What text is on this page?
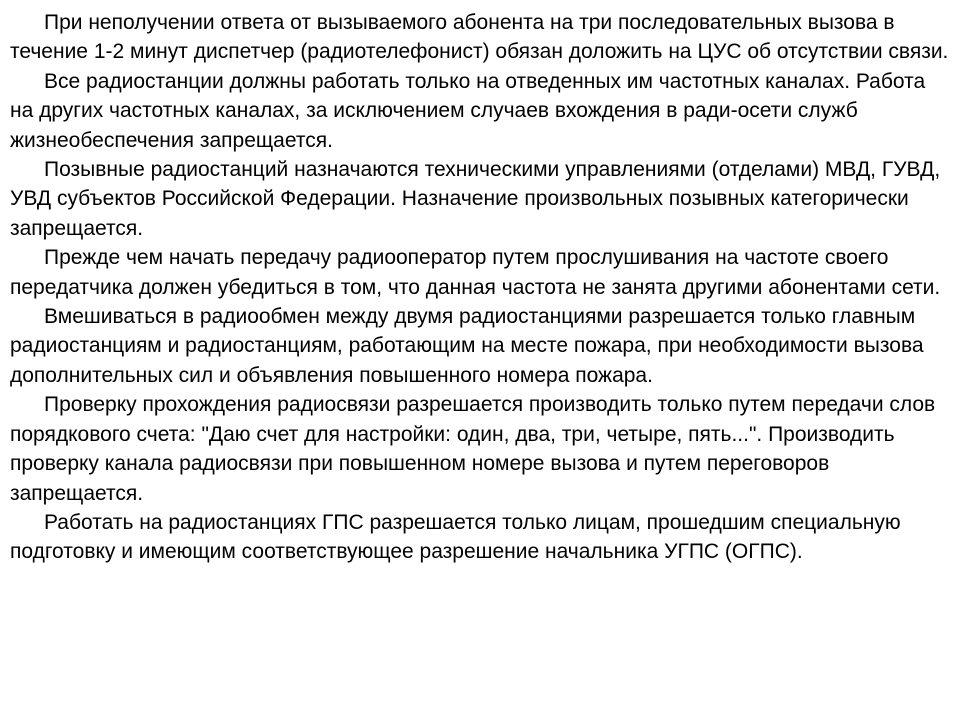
При неполучении ответа от вызываемого абонента на три последовательных вызова в течение 1-2 минут диспетчер (радиотелефонист) обязан доложить на ЦУС об отсутствии связи.

Все радиостанции должны работать только на отведенных им частотных каналах. Работа на других частотных каналах, за исключением случаев вхождения в ради-осети служб жизнеобеспечения запрещается.

Позывные радиостанций назначаются техническими управлениями (отделами) МВД, ГУВД, УВД субъектов Российской Федерации. Назначение произвольных позывных категорически запрещается.

Прежде чем начать передачу радиооператор путем прослушивания на частоте своего передатчика должен убедиться в том, что данная частота не занята другими абонентами сети.

Вмешиваться в радиообмен между двумя радиостанциями разрешается только главным радиостанциям и радиостанциям, работающим на месте пожара, при необходимости вызова дополнительных сил и объявления повышенного номера пожара.

Проверку прохождения радиосвязи разрешается производить только путем передачи слов порядкового счета: "Даю счет для настройки: один, два, три, четыре, пять...". Производить проверку канала радиосвязи при повышенном номере вызова и путем переговоров запрещается.

Работать на радиостанциях ГПС разрешается только лицам, прошедшим специальную подготовку и имеющим соответствующее разрешение начальника УГПС (ОГПС).
